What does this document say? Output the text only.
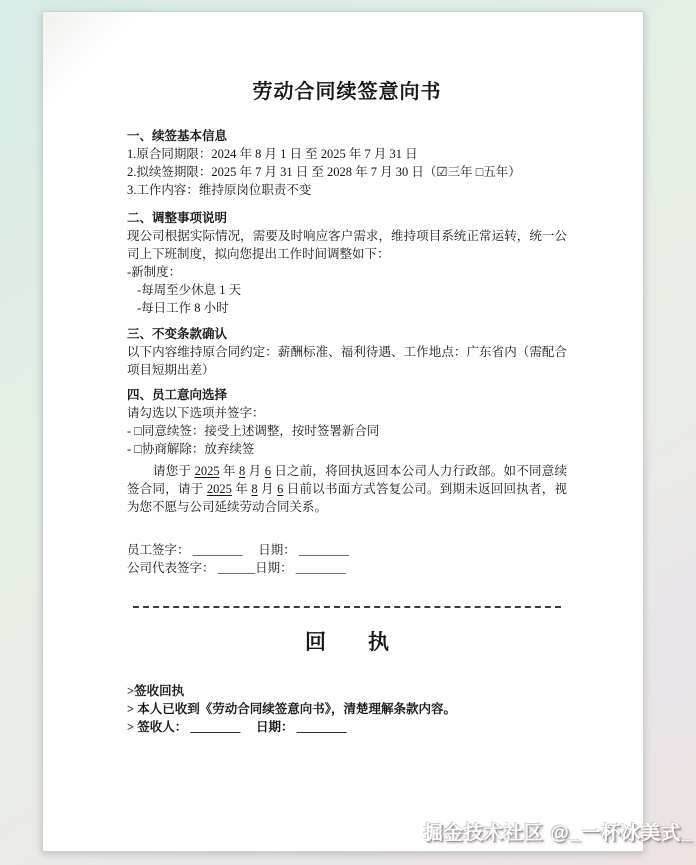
劳动合同续签意向书
一、续签基本信息
1.原合同期限：2024 年 8 月 1 日 至 2025 年 7 月 31 日
2.拟续签期限：2025 年 7 月 31 日 至 2028 年 7 月 30 日（☑三年 □五年）
3.工作内容：维持原岗位职责不变
二、调整事项说明
现公司根据实际情况，需要及时响应客户需求，维持项目系统正常运转，统一公司上下班制度，拟向您提出工作时间调整如下：
-新制度：
-每周至少休息 1 天
-每日工作 8 小时
三、不变条款确认
以下内容维持原合同约定：薪酬标准、福利待遇、工作地点：广东省内（需配合项目短期出差）
四、员工意向选择
请勾选以下选项并签字：
- □同意续签：接受上述调整，按时签署新合同
- □协商解除：放弃续签
请您于 2025 年 8 月 6 日之前，将回执返回本公司人力行政部。如不同意续签合同，请于 2025 年 8 月 6 日前以书面方式答复公司。到期未返回回执者，视为您不愿与公司延续劳动合同关系。
员工签字： ________　 日期： ________
公司代表签字： ______日期： ________
回　　执
>签收回执
> 本人已收到《劳动合同续签意向书》，清楚理解条款内容。
> 签收人： ________　 日期： ________
掘金技术社区 @_一杯冰美式_
